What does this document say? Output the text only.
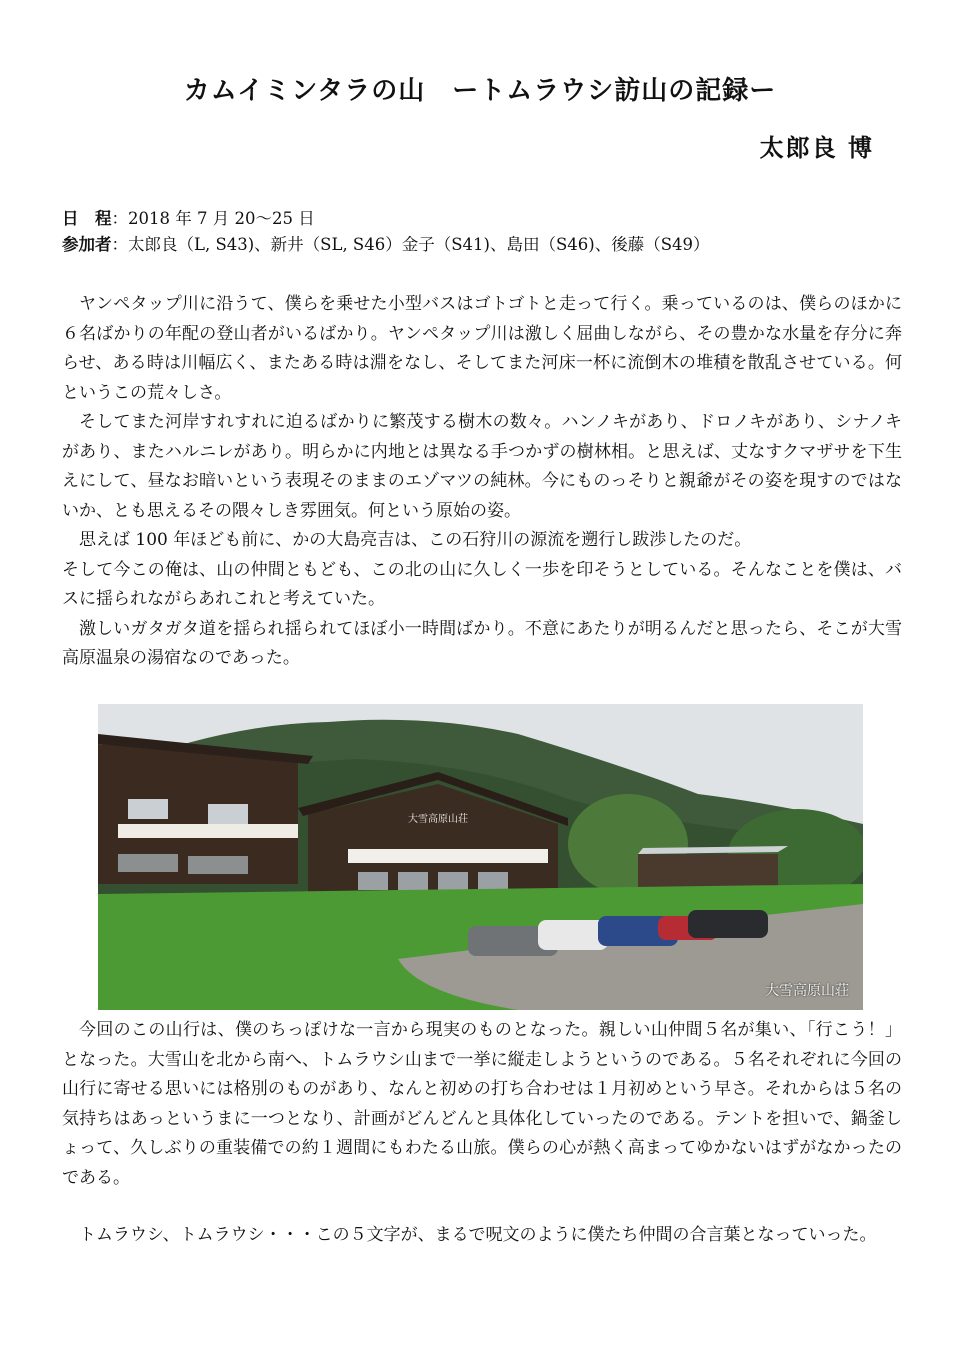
カムイミンタラの山　ートムラウシ訪山の記録ー
太郎良 博
日　程：2018 年 7 月 20～25 日
参加者：太郎良（L, S43)、新井（SL, S46）金子（S41)、島田（S46)、後藤（S49）

ヤンペタップ川に沿うて、僕らを乗せた小型バスはゴトゴトと走って行く。乗っているのは、僕らのほかに６名ばかりの年配の登山者がいるばかり。ヤンペタップ川は激しく屈曲しながら、その豊かな水量を存分に奔らせ、ある時は川幅広く、またある時は淵をなし、そしてまた河床一杯に流倒木の堆積を散乱させている。何というこの荒々しさ。

そしてまた河岸すれすれに迫るばかりに繁茂する樹木の数々。ハンノキがあり、ドロノキがあり、シナノキがあり、またハルニレがあり。明らかに内地とは異なる手つかずの樹林相。と思えば、丈なすクマザサを下生えにして、昼なお暗いという表現そのままのエゾマツの純林。今にものっそりと親爺がその姿を現すのではないか、とも思えるその隈々しき雰囲気。何という原始の姿。

思えば 100 年ほども前に、かの大島亮吉は、この石狩川の源流を遡行し跋渉したのだ。

そして今この俺は、山の仲間ともども、この北の山に久しく一歩を印そうとしている。そんなことを僕は、バスに揺られながらあれこれと考えていた。

激しいガタガタ道を揺られ揺られてほぼ小一時間ばかり。不意にあたりが明るんだと思ったら、そこが大雪高原温泉の湯宿なのであった。

大雪高原山荘
大雪高原山荘

今回のこの山行は、僕のちっぽけな一言から現実のものとなった。親しい山仲間５名が集い、「行こう！」となった。大雪山を北から南へ、トムラウシ山まで一挙に縦走しようというのである。５名それぞれに今回の山行に寄せる思いには格別のものがあり、なんと初めの打ち合わせは１月初めという早さ。それからは５名の気持ちはあっというまに一つとなり、計画がどんどんと具体化していったのである。テントを担いで、鍋釜しょって、久しぶりの重装備での約１週間にもわたる山旅。僕らの心が熱く高まってゆかないはずがなかったのである。

トムラウシ、トムラウシ・・・この５文字が、まるで呪文のように僕たち仲間の合言葉となっていった。
